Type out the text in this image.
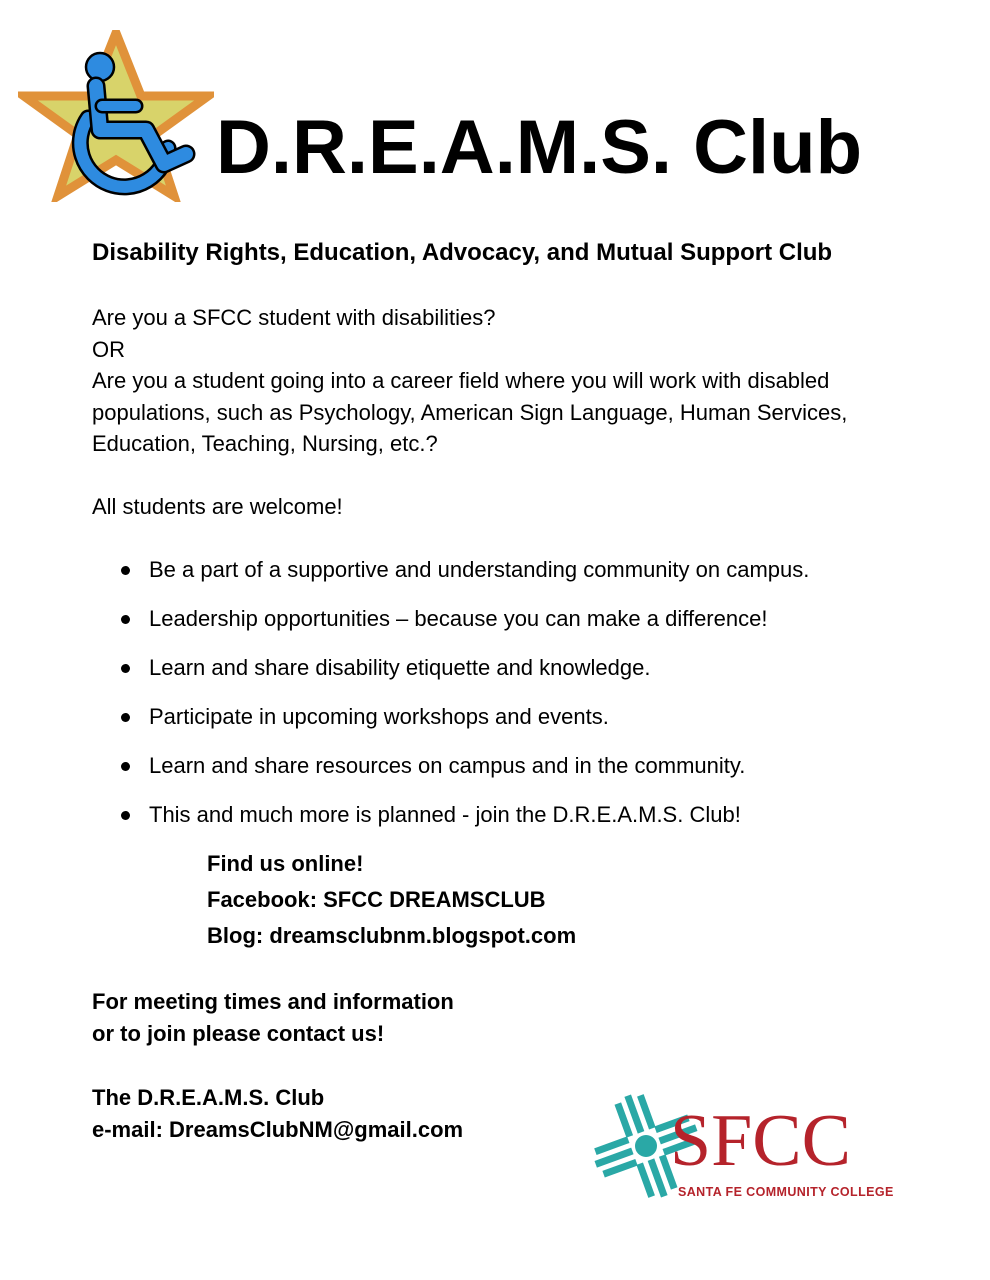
D.R.E.A.M.S. Club
Disability Rights, Education, Advocacy, and Mutual Support Club
Are you a SFCC student with disabilities?
OR
Are you a student going into a career field where you will work with disabled populations, such as Psychology, American Sign Language, Human Services, Education, Teaching, Nursing, etc.?
All students are welcome!
Be a part of a supportive and understanding community on campus.
Leadership opportunities – because you can make a difference!
Learn and share disability etiquette and knowledge.
Participate in upcoming workshops and events.
Learn and share resources on campus and in the community.
This and much more is planned - join the D.R.E.A.M.S. Club!
Find us online!
Facebook: SFCC DREAMSCLUB
Blog: dreamsclubnm.blogspot.com
For meeting times and information
or to join please contact us!
The D.R.E.A.M.S. Club
e-mail: DreamsClubNM@gmail.com	SFCC
SANTA FE COMMUNITY COLLEGE
